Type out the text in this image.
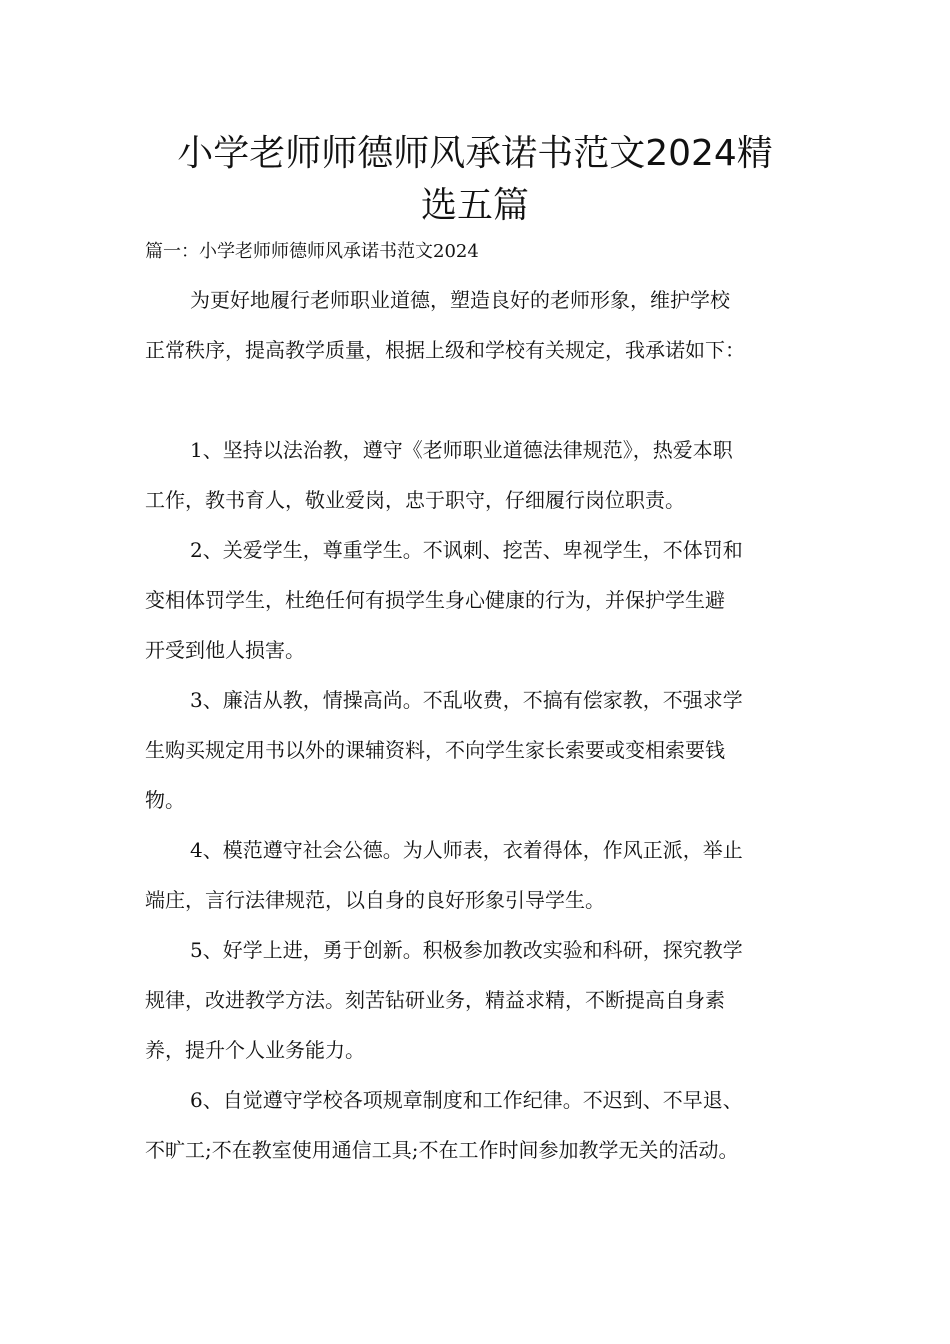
小学老师师德师风承诺书范文2024精
选五篇
篇一：小学老师师德师风承诺书范文2024
为更好地履行老师职业道德，塑造良好的老师形象，维护学校
正常秩序，提高教学质量，根据上级和学校有关规定，我承诺如下：
1、坚持以法治教，遵守《老师职业道德法律规范》，热爱本职
工作，教书育人，敬业爱岗，忠于职守，仔细履行岗位职责。
2、关爱学生，尊重学生。不讽刺、挖苦、卑视学生，不体罚和
变相体罚学生，杜绝任何有损学生身心健康的行为，并保护学生避
开受到他人损害。
3、廉洁从教，情操高尚。不乱收费，不搞有偿家教，不强求学
生购买规定用书以外的课辅资料，不向学生家长索要或变相索要钱
物。
4、模范遵守社会公德。为人师表，衣着得体，作风正派，举止
端庄，言行法律规范，以自身的良好形象引导学生。
5、好学上进，勇于创新。积极参加教改实验和科研，探究教学
规律，改进教学方法。刻苦钻研业务，精益求精，不断提高自身素
养，提升个人业务能力。
6、自觉遵守学校各项规章制度和工作纪律。不迟到、不早退、
不旷工;不在教室使用通信工具;不在工作时间参加教学无关的活动。
